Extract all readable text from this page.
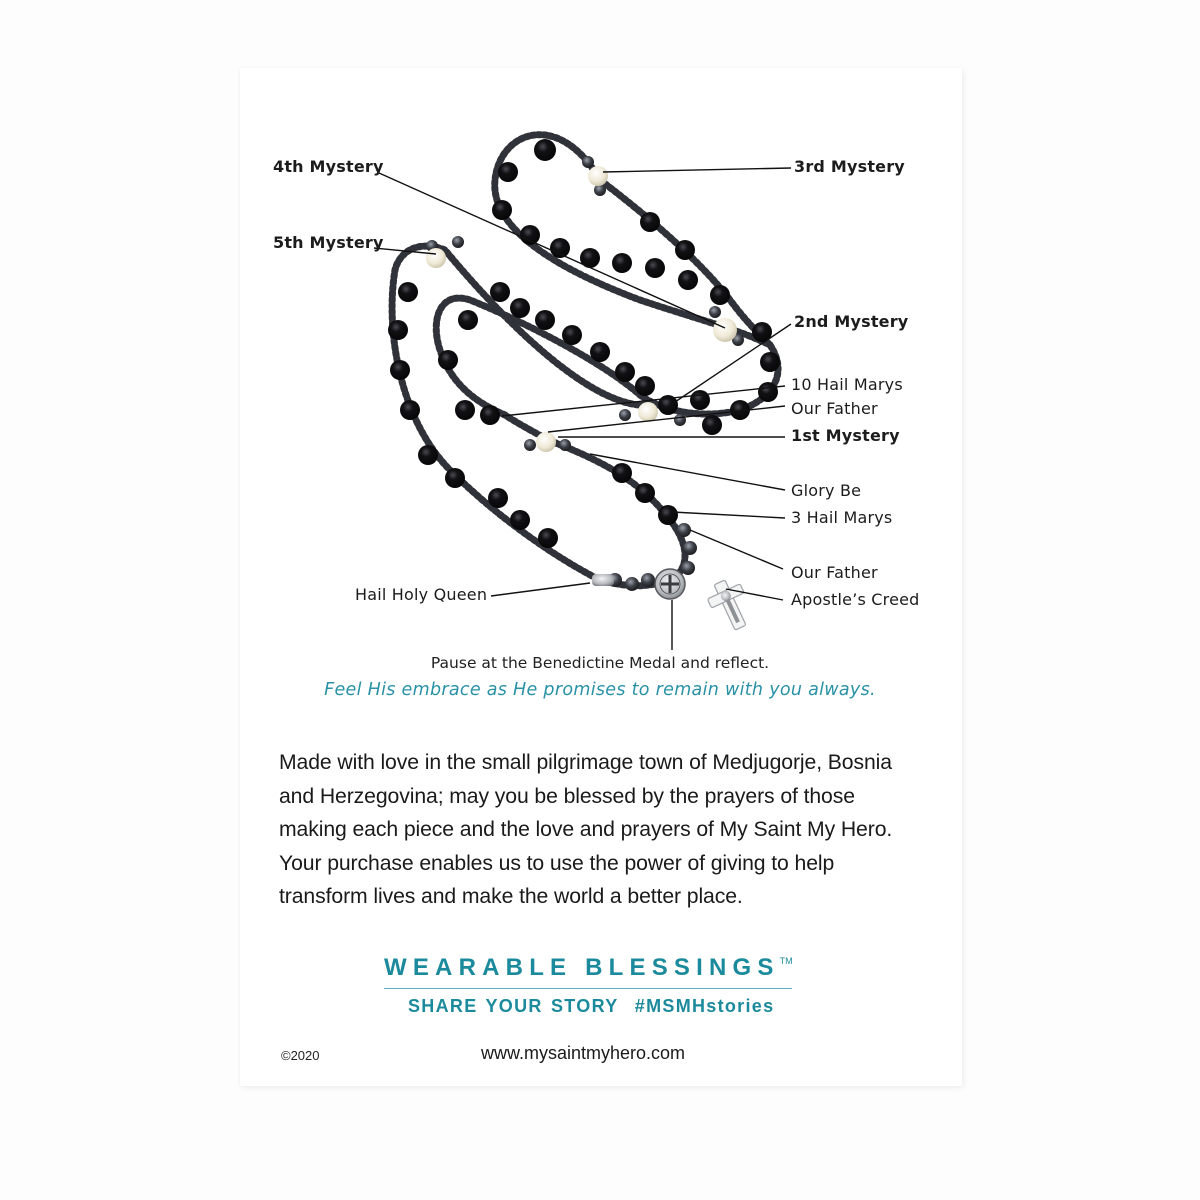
4th Mystery	3rd Mystery
5th Mystery
2nd Mystery
10 Hail Marys
Our Father
1st Mystery
Glory Be
3 Hail Marys
Our Father
Apostle’s Creed
Hail Holy Queen
Pause at the Benedictine Medal and reflect.
Feel His embrace as He promises to remain with you always.
Made with love in the small pilgrimage town of Medjugorje, Bosnia and Herzegovina; may you be blessed by the prayers of those making each piece and the love and prayers of My Saint My Hero. Your purchase enables us to use the power of giving to help transform lives and make the world a better place.
WEARABLE BLESSINGS™
SHARE YOUR STORY  #MSMHstories
©2020	www.mysaintmyhero.com
